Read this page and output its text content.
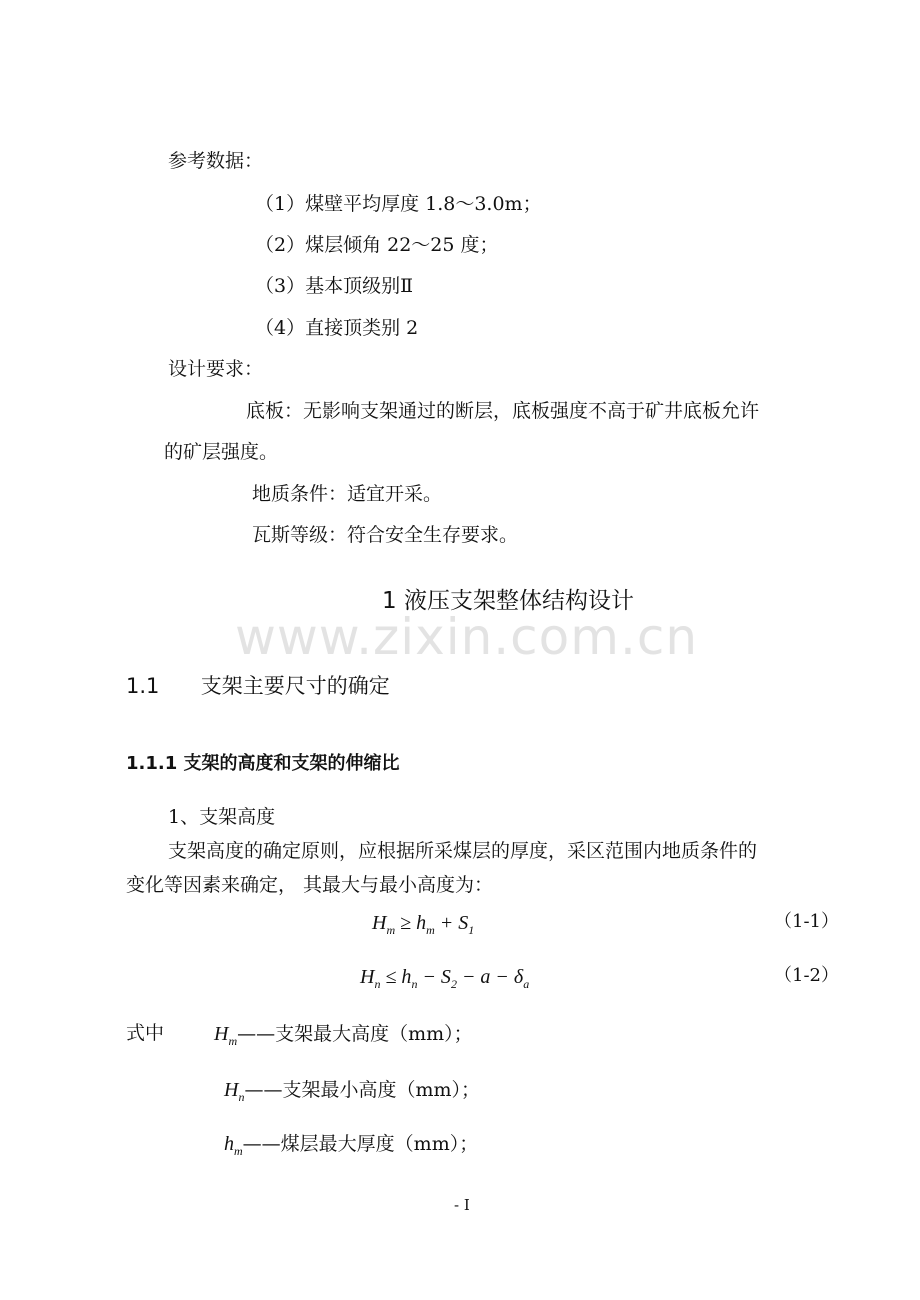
参考数据：
（1）煤壁平均厚度 1.8～3.0m；
（2）煤层倾角 22～25 度；
（3）基本顶级别Ⅱ
（4）直接顶类别 2
设计要求：
底板：无影响支架通过的断层，底板强度不高于矿井底板允许
的矿层强度。
地质条件：适宜开采。
瓦斯等级：符合安全生存要求。
www.zixin.com.cn
1 液压支架整体结构设计
1.1 支架主要尺寸的确定
1.1.1 支架的高度和支架的伸缩比
1、支架高度
支架高度的确定原则，应根据所采煤层的厚度，采区范围内地质条件的
变化等因素来确定， 其最大与最小高度为：
$H_m \ge h_m + S_1$	（1-1）
$H_n \le h_n - S_2 - a - \delta_a$	（1-2）
式中 $H_m——$支架最大高度（mm）；
$H_n——$支架最小高度（mm）；
$h_m——$煤层最大厚度（mm）；
- I
